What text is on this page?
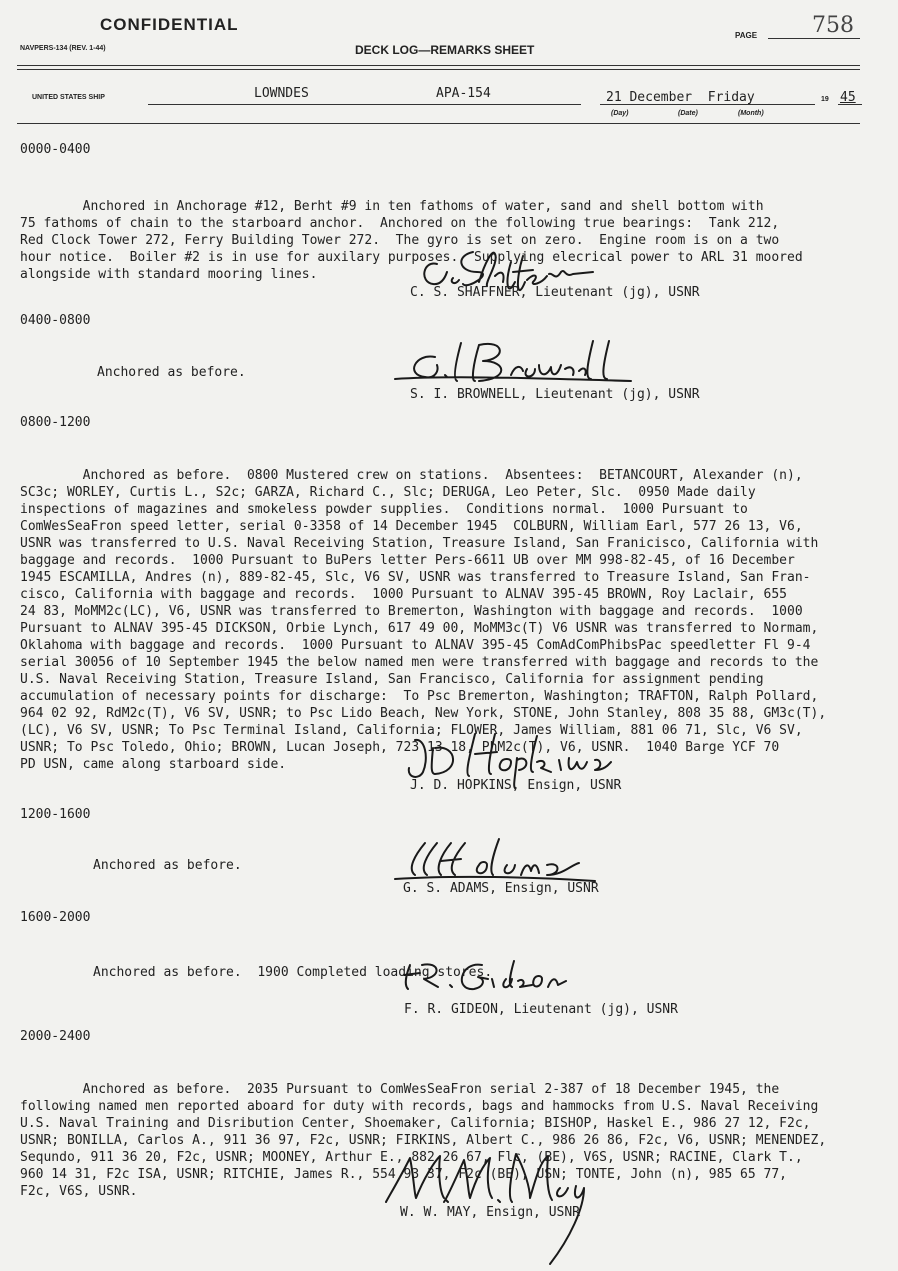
CONFIDENTIAL
NAVPERS-134 (REV. 1-44)	DECK LOG—REMARKS SHEET
PAGE 758
UNITED STATES SHIP	LOWNDES	APA-154	21 December  Friday	19 45
(Day)	(Date)	(Month)
0000-0400

Anchored in Anchorage #12, Berht #9 in ten fathoms of water, sand and shell bottom with
75 fathoms of chain to the starboard anchor.  Anchored on the following true bearings:  Tank 212,
Red Clock Tower 272, Ferry Building Tower 272.  The gyro is set on zero.  Engine room is on a two
hour notice.  Boiler #2 is in use for auxilary purposes.  Supplying elecrical power to ARL 31 moored
alongside with standard mooring lines.

C. S. SHAFFNER, Lieutenant (jg), USNR
0400-0800

Anchored as before.

S. I. BROWNELL, Lieutenant (jg), USNR
0800-1200

Anchored as before.  0800 Mustered crew on stations.  Absentees:  BETANCOURT, Alexander (n),
SC3c; WORLEY, Curtis L., S2c; GARZA, Richard C., Slc; DERUGA, Leo Peter, Slc.  0950 Made daily
inspections of magazines and smokeless powder supplies.  Conditions normal.  1000 Pursuant to
ComWesSeaFron speed letter, serial 0-3358 of 14 December 1945  COLBURN, William Earl, 577 26 13, V6,
USNR was transferred to U.S. Naval Receiving Station, Treasure Island, San Franicisco, California with
baggage and records.  1000 Pursuant to BuPers letter Pers-6611 UB over MM 998-82-45, of 16 December
1945 ESCAMILLA, Andres (n), 889-82-45, Slc, V6 SV, USNR was transferred to Treasure Island, San Fran-
cisco, California with baggage and records.  1000 Pursuant to ALNAV 395-45 BROWN, Roy Laclair, 655
24 83, MoMM2c(LC), V6, USNR was transferred to Bremerton, Washington with baggage and records.  1000
Pursuant to ALNAV 395-45 DICKSON, Orbie Lynch, 617 49 00, MoMM3c(T) V6 USNR was transferred to Normam,
Oklahoma with baggage and records.  1000 Pursuant to ALNAV 395-45 ComAdComPhibsPac speedletter Fl 9-4
serial 30056 of 10 September 1945 the below named men were transferred with baggage and records to the
U.S. Naval Receiving Station, Treasure Island, San Francisco, California for assignment pending
accumulation of necessary points for discharge:  To Psc Bremerton, Washington; TRAFTON, Ralph Pollard,
964 02 92, RdM2c(T), V6 SV, USNR; to Psc Lido Beach, New York, STONE, John Stanley, 808 35 88, GM3c(T),
(LC), V6 SV, USNR; To Psc Terminal Island, California; FLOWER, James William, 881 06 71, Slc, V6 SV,
USNR; To Psc Toledo, Ohio; BROWN, Lucan Joseph, 723 13 18, PhM2c(T), V6, USNR.  1040 Barge YCF 70
PD USN, came along starboard side.

J. D. HOPKINS, Ensign, USNR
1200-1600

Anchored as before.

G. S. ADAMS, Ensign, USNR
1600-2000

Anchored as before.  1900 Completed loading stores.

F. R. GIDEON, Lieutenant (jg), USNR
2000-2400

Anchored as before.  2035 Pursuant to ComWesSeaFron serial 2-387 of 18 December 1945, the
following named men reported aboard for duty with records, bags and hammocks from U.S. Naval Receiving
U.S. Naval Training and Disribution Center, Shoemaker, California; BISHOP, Haskel E., 986 27 12, F2c,
USNR; BONILLA, Carlos A., 911 36 97, F2c, USNR; FIRKINS, Albert C., 986 26 86, F2c, V6, USNR; MENENDEZ,
Sequndo, 911 36 20, F2c, USNR; MOONEY, Arthur E., 882 26 67, Flc, (BE), V6S, USNR; RACINE, Clark T.,
960 14 31, F2c ISA, USNR; RITCHIE, James R., 554 93 37, F2c (BE), USN; TONTE, John (n), 985 65 77,
F2c, V6S, USNR.

W. W. MAY, Ensign, USNR
